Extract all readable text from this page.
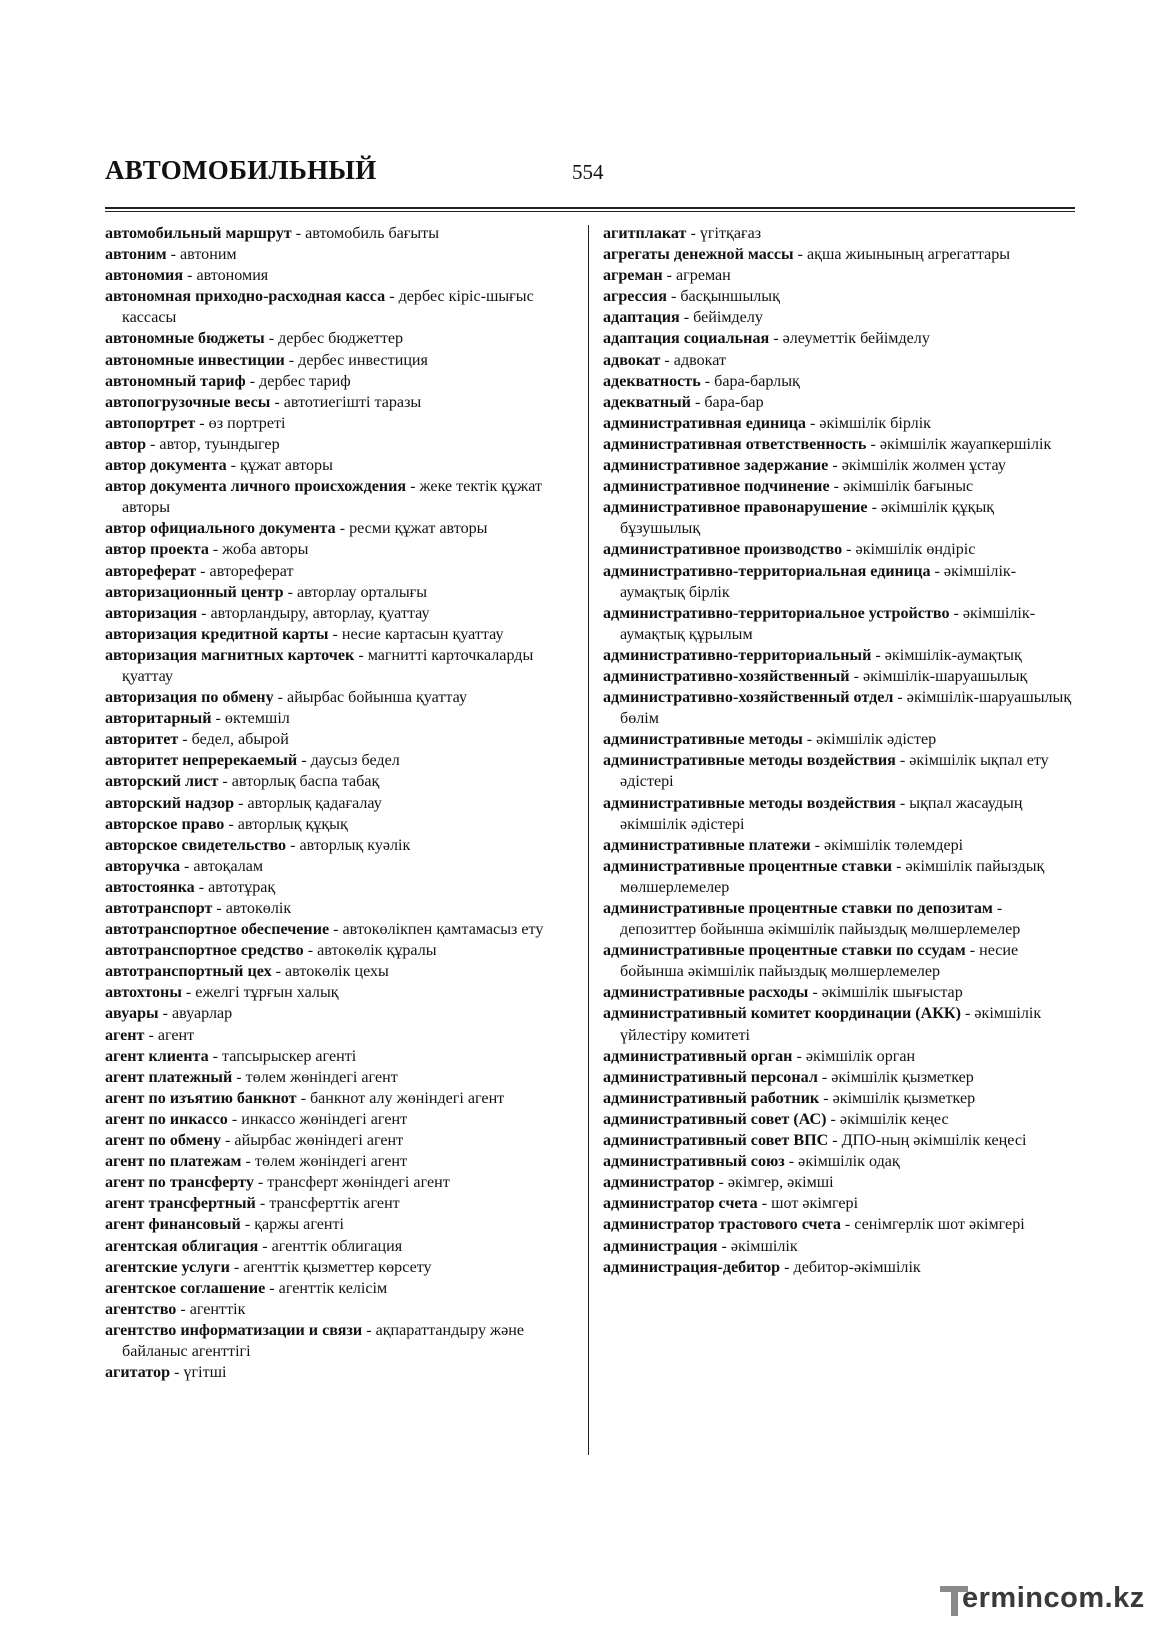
АВТОМОБИЛЬНЫЙ	554

автомобильный маршрут - автомобиль бағыты

автоним - автоним

автономия - автономия

автономная приходно-расходная касса - дербес кіріс-шығыс кассасы

автономные бюджеты - дербес бюджеттер

автономные инвестиции - дербес инвестиция

автономный тариф - дербес тариф

автопогрузочные весы - автотиегіштi таразы

автопортрет - өз портретi

автор - автор, туындыгер

автор документа - құжат авторы

автор документа личного происхождения - жеке тектiк құжат авторы

автор официального документа - ресми құжат авторы

автор проекта - жоба авторы

автореферат - автореферат

авторизационный центр - авторлау орталығы

авторизация - авторландыру, авторлау, қуаттау

авторизация кредитной карты - несие картасын қуаттау

авторизация магнитных карточек - магниттi карточкаларды қуаттау

авторизация по обмену - айырбас бойынша қуаттау

авторитарный - өктемшiл

авторитет - бедел, абырой

авторитет непререкаемый - даусыз бедел

авторский лист - авторлық баспа табақ

авторский надзор - авторлық қадағалау

авторское право - авторлық құқық

авторское свидетельство - авторлық куәлiк

авторучка - автоқалам

автостоянка - автотұрақ

автотранспорт - автокөлiк

автотранспортное обеспечение - автокөлiкпен қамтамасыз ету

автотранспортное средство - автокөлiк құралы

автотранспортный цех - автокөлiк цехы

автохтоны - ежелгi тұрғын халық

авуары - авуарлар

агент - агент

агент клиента - тапсырыскер агентi

агент платежный - төлем жөнiндегi агент

агент по изъятию банкнот - банкнот алу жөнiндегi агент

агент по инкассо - инкассо жөнiндегi агент

агент по обмену - айырбас жөнiндегi агент

агент по платежам - төлем жөнiндегi агент

агент по трансферту - трансферт жөнiндегi агент

агент трансфертный - трансферттiк агент

агент финансовый - қаржы агентi

агентская облигация - агенттiк облигация

агентские услуги - агенттiк қызметтер көрсету

агентское соглашение - агенттiк келiсiм

агентство - агенттiк

агентство информатизации и связи - ақпараттандыру және байланыс агенттiгi

агитатор - үгiтшi

агитплакат - үгiтқағаз

агрегаты денежной массы - ақша жиынының агрегаттары

агреман - агреман

агрессия - басқыншылық

адаптация - бейiмделу

адаптация социальная - әлеуметтiк бейiмделу

адвокат - адвокат

адекватность - бара-барлық

адекватный - бара-бар

административная единица - әкiмшiлiк бiрлiк

административная ответственность - әкiмшiлiк жауапкершiлiк

административное задержание - әкiмшiлiк жолмен ұстау

административное подчинение - әкiмшiлiк бағыныс

административное правонарушение - әкiмшiлiк құқық бұзушылық

административное производство - әкiмшiлiк өндiрiс

административно-территориальная единица - әкiмшiлiк-аумақтық бiрлiк

административно-территориальное устройство - әкiмшiлiк-аумақтық құрылым

административно-территориальный - әкiмшiлiк-аумақтық

административно-хозяйственный - әкiмшiлiк-шаруашылық

административно-хозяйственный отдел - әкiмшiлiк-шаруашылық бөлiм

административные методы - әкiмшiлiк әдiстер

административные методы воздействия - әкiмшiлiк ықпал ету әдiстерi

административные методы воздействия - ықпал жасаудың әкiмшiлiк әдiстерi

административные платежи - әкiмшiлiк төлемдерi

административные процентные ставки - әкiмшiлiк пайыздық мөлшерлемелер

административные процентные ставки по депозитам - депозиттер бойынша әкiмшiлiк пайыздық мөлшерлемелер

административные процентные ставки по ссудам - несие бойынша әкiмшiлiк пайыздық мөлшерлемелер

административные расходы - әкiмшiлiк шығыстар

административный комитет координации (АКК) - әкiмшiлiк үйлестiру комитетi

административный орган - әкiмшiлiк орган

административный персонал - әкiмшiлiк қызметкер

административный работник - әкiмшiлiк қызметкер

административный совет (АС) - әкiмшiлiк кеңес

административный совет ВПС - ДПО-ның әкiмшiлiк кеңесi

административный союз - әкiмшiлiк одақ

администратор - әкiмгер, әкiмшi

администратор счета - шот әкiмгерi

администратор трастового счета - сенiмгерлiк шот әкiмгерi

администрация - әкiмшiлiк

администрация-дебитор - дебитор-әкiмшiлiк

ermincom.kz
